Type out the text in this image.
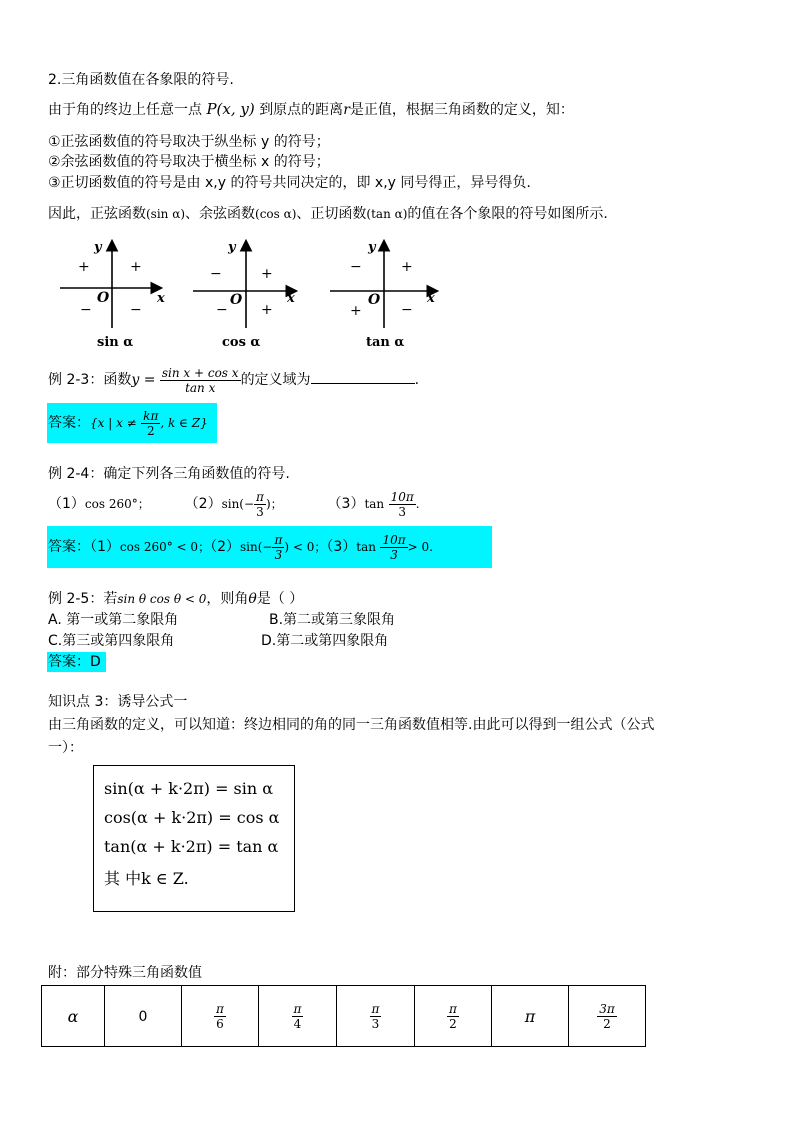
2.三角函数值在各象限的符号.
由于角的终边上任意一点 P(x, y) 到原点的距离r是正值，根据三角函数的定义，知：
①正弦函数值的符号取决于纵坐标 y 的符号；
②余弦函数值的符号取决于横坐标 x 的符号；
③正切函数值的符号是由 x,y 的符号共同决定的，即 x,y 同号得正，异号得负.
因此，正弦函数(sin α)、余弦函数(cos α)、正切函数(tan α)的值在各个象限的符号如图所示.
y
x
O
+
+
−	−
sin α
y
x
O
+
−
− +
cos α
y
x
O
+
−
+	−
tan α
例 2-3：函数$y = \frac{\text{sin x + cos x}}{\text{tan x}}$ 的定义域为	.
答案：{x | $x \ne \frac{k\pi}{2}$ , k ∈ Z}
例 2-4：确定下列各三角函数值的符号.
（1）cos 260°； $(2)\sin(- \frac{\pi}{3}$ )；	$(3)\tan \frac{10\pi}{3}$ .
答案：（1）cos 260° < 0；$(2)\sin(- \frac{\pi}{3}$ ) < 0；$(3)\tan \frac{10\pi}{3} > 0$.
例 2-5：若sin θ cos θ < 0，则角θ是（ ）
A. 第一或第二象限角	B.第二或第三象限角
C.第三或第四象限角	D.第二或第四象限角
答案：D
知识点 3：诱导公式一
由三角函数的定义，可以知道：终边相同的角的同一三角函数值相等.由此可以得到一组公式（公式
一）：
sin(α + k·2π) = sin α
cos(α + k·2π) = cos α
tan(α + k·2π) = tan α
其 中k ∈ Z.
附：部分特殊三角函数值
α	0	$\frac{\pi}{6}$	$\frac{\pi}{4}$	$\frac{\pi}{3}$	$\frac{\pi}{2}$	π	$\frac{3\pi}{2}$
